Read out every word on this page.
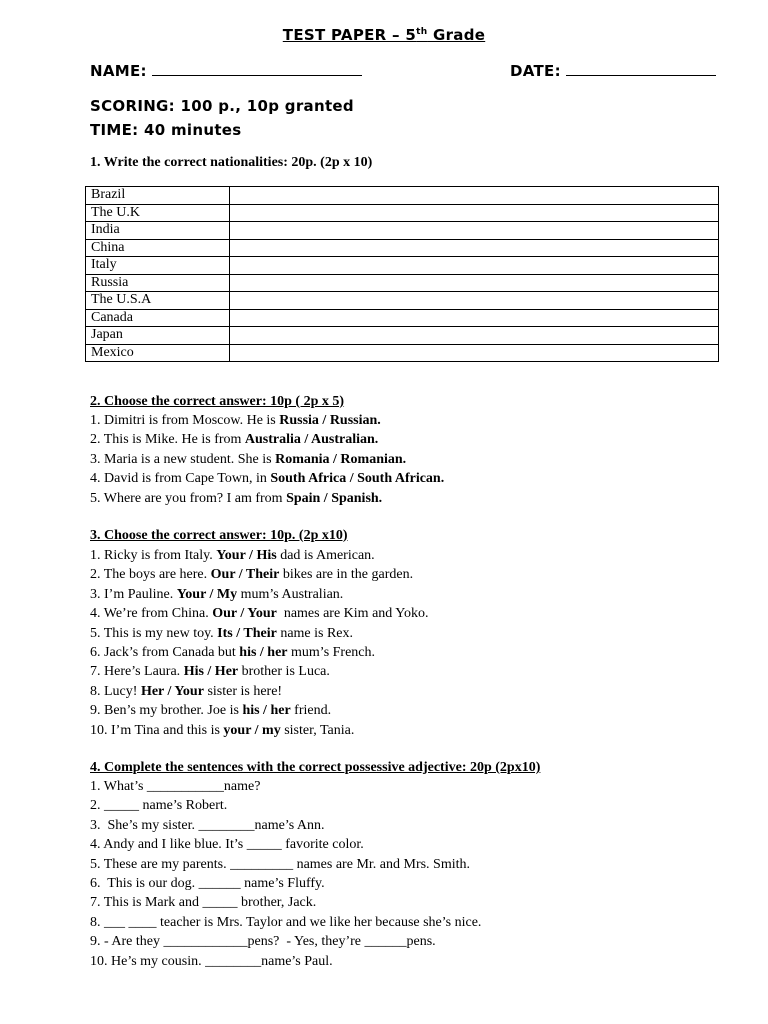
TEST PAPER – 5th Grade
NAME:	DATE:
SCORING: 100 p., 10p granted
TIME: 40 minutes
1. Write the correct nationalities: 20p. (2p x 10)
Brazil	
The U.K	
India	
China	
Italy	
Russia	
The U.S.A	
Canada	
Japan	
Mexico	
2. Choose the correct answer: 10p ( 2p x 5)
1. Dimitri is from Moscow. He is Russia / Russian.
2. This is Mike. He is from Australia / Australian.
3. Maria is a new student. She is Romania / Romanian.
4. David is from Cape Town, in South Africa / South African.
5. Where are you from? I am from Spain / Spanish.
3. Choose the correct answer: 10p. (2p x10)
1. Ricky is from Italy. Your / His dad is American.
2. The boys are here. Our / Their bikes are in the garden.
3. I’m Pauline. Your / My mum’s Australian.
4. We’re from China. Our / Your  names are Kim and Yoko.
5. This is my new toy. Its / Their name is Rex.
6. Jack’s from Canada but his / her mum’s French.
7. Here’s Laura. His / Her brother is Luca.
8. Lucy! Her / Your sister is here!
9. Ben’s my brother. Joe is his / her friend.
10. I’m Tina and this is your / my sister, Tania.
4. Complete the sentences with the correct possessive adjective: 20p (2px10)
1. What’s ___________name?
2. _____ name’s Robert.
3.  She’s my sister. ________name’s Ann.
4. Andy and I like blue. It’s _____ favorite color.
5. These are my parents. _________ names are Mr. and Mrs. Smith.
6.  This is our dog. ______ name’s Fluffy.
7. This is Mark and _____ brother, Jack.
8. ___ ____ teacher is Mrs. Taylor and we like her because she’s nice.
9. - Are they ____________pens?  - Yes, they’re ______pens.
10. He’s my cousin. ________name’s Paul.
